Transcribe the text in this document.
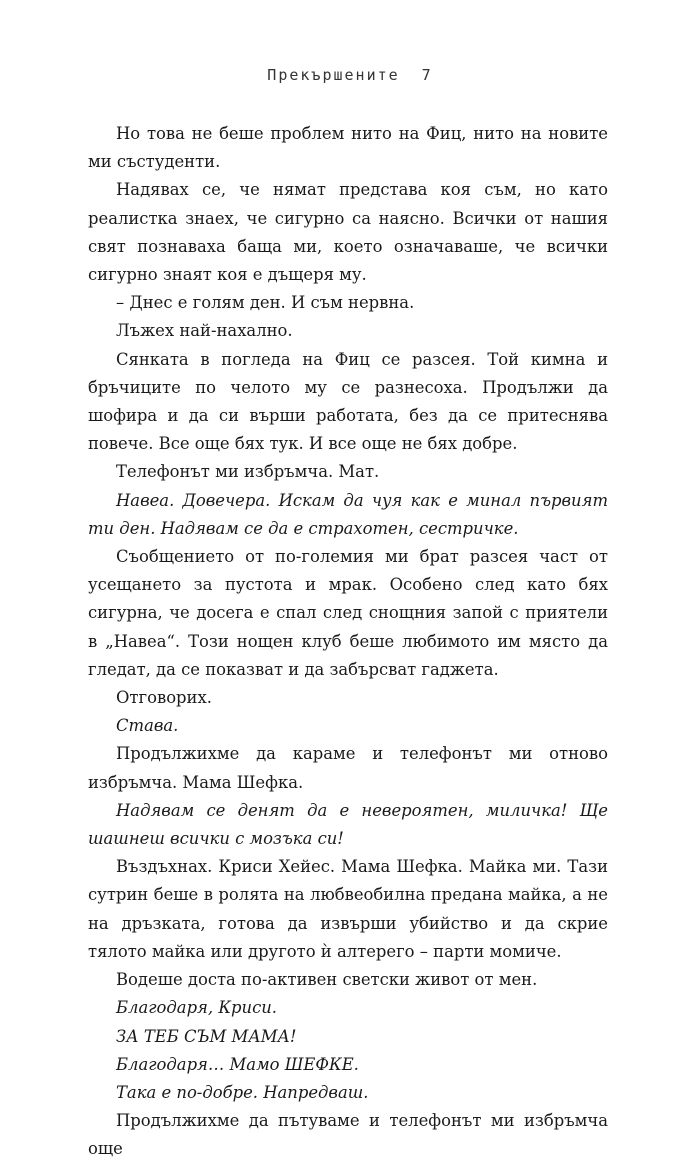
Прекършените 7

Но това не беше проблем нито на Фиц, нито на новите ми състуденти.

Надявах се, че нямат представа коя съм, но като реалистка знаех, че сигурно са наясно. Всички от нашия свят познаваха баща ми, което означаваше, че всички сигурно знаят коя е дъщеря му.

– Днес е голям ден. И съм нервна.

Лъжех най-нахално.

Сянката в погледа на Фиц се разсея. Той кимна и бръчиците по челото му се разнесоха. Продължи да шофира и да си върши работата, без да се притеснява повече. Все още бях тук. И все още не бях добре.

Телефонът ми избръмча. Мат.

Навеа. Довечера. Искам да чуя как е минал първият ти ден. Надявам се да е страхотен, сестричке.

Съобщението от по-големия ми брат разсея част от усещането за пустота и мрак. Особено след като бях сигурна, че досега е спал след снощния запой с приятели в „Навеа“. Този нощен клуб беше любимото им място да гледат, да се показват и да забърсват гаджета.

Отговорих.

Става.

Продължихме да караме и телефонът ми отново избръмча. Мама Шефка.

Надявам се денят да е невероятен, миличка! Ще шашнеш всички с мозъка си!

Въздъхнах. Криси Хейес. Мама Шефка. Майка ми. Тази сутрин беше в ролята на любвеобилна предана майка, а не на дръзката, готова да извърши убийство и да скрие тялото майка или другото ѝ алтерего – парти момиче.

Водеше доста по-активен светски живот от мен.

Благодаря, Криси.

ЗА ТЕБ СЪМ МАМА!

Благодаря… Мамо ШЕФКЕ.

Така е по-добре. Напредваш.

Продължихме да пътуваме и телефонът ми избръмча още
